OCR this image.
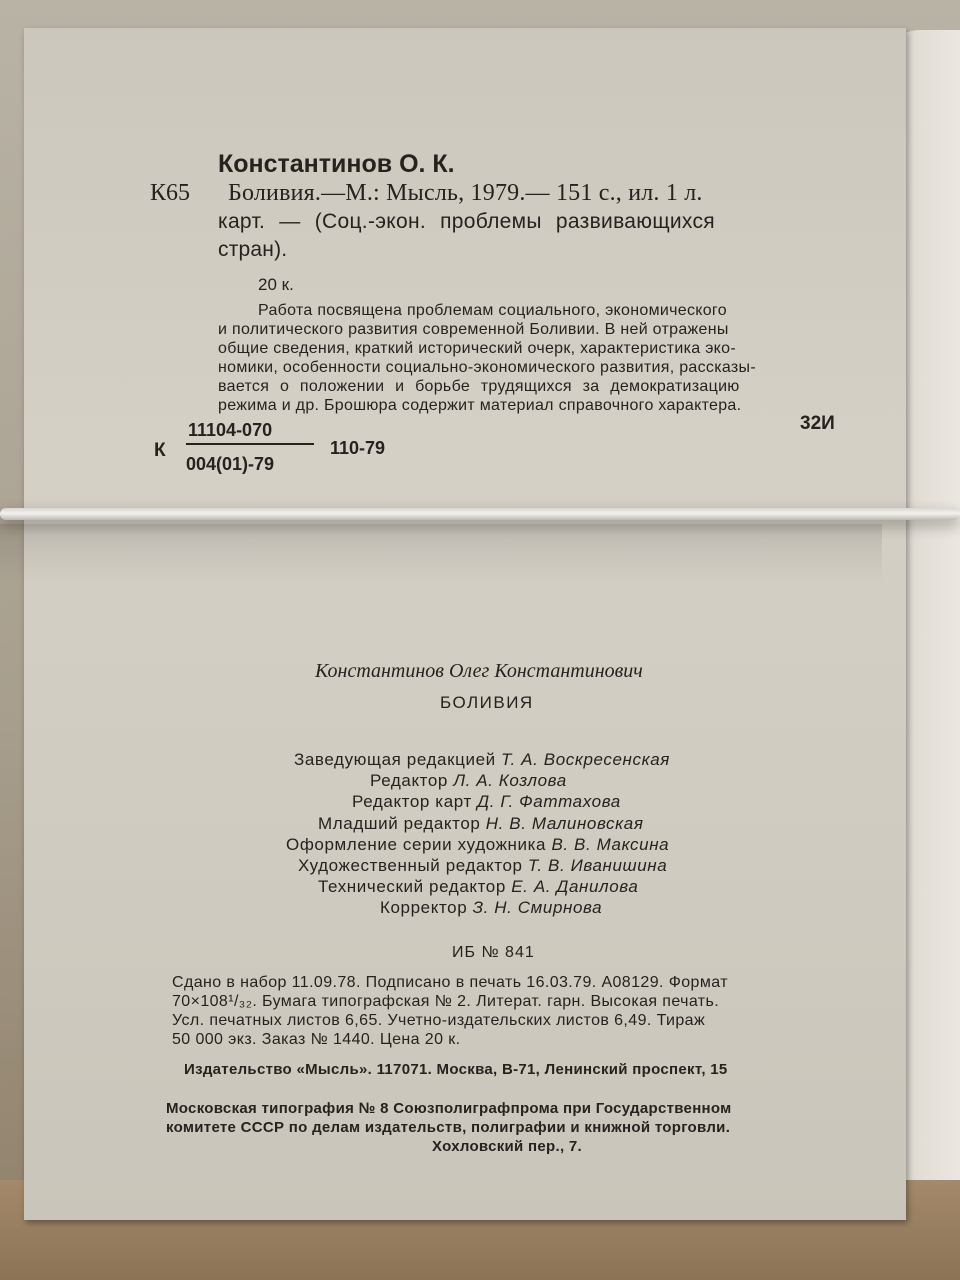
Константинов О. К.
К65 Боливия.—М.: Мысль, 1979.— 151 с., ил. 1 л.
карт. — (Соц.-экон. проблемы развивающихся
стран).
20 к.
Работа посвящена проблемам социального, экономического
и политического развития современной Боливии. В ней отражены
общие сведения, краткий исторический очерк, характеристика эко-
номики, особенности социально-экономического развития, рассказы-
вается о положении и борьбе трудящихся за демократизацию
режима и др. Брошюра содержит материал справочного характера.
К
11104-070
004(01)-79
110-79
32И
Константинов Олег Константинович
БОЛИВИЯ
Заведующая редакцией Т. А. Воскресенская
Редактор Л. А. Козлова
Редактор карт Д. Г. Фаттахова
Младший редактор Н. В. Малиновская
Оформление серии художника В. В. Максина
Художественный редактор Т. В. Иванишина
Технический редактор Е. А. Данилова
Корректор З. Н. Смирнова
ИБ № 841
Сдано в набор 11.09.78. Подписано в печать 16.03.79. А08129. Формат
70×108¹/₃₂. Бумага типографская № 2. Литерат. гарн. Высокая печать.
Усл. печатных листов 6,65. Учетно-издательских листов 6,49. Тираж
50 000 экз. Заказ № 1440. Цена 20 к.
Издательство «Мысль». 117071. Москва, В-71, Ленинский проспект, 15
Московская типография № 8 Союзполиграфпрома при Государственном
комитете СССР по делам издательств, полиграфии и книжной торговли.
Хохловский пер., 7.
